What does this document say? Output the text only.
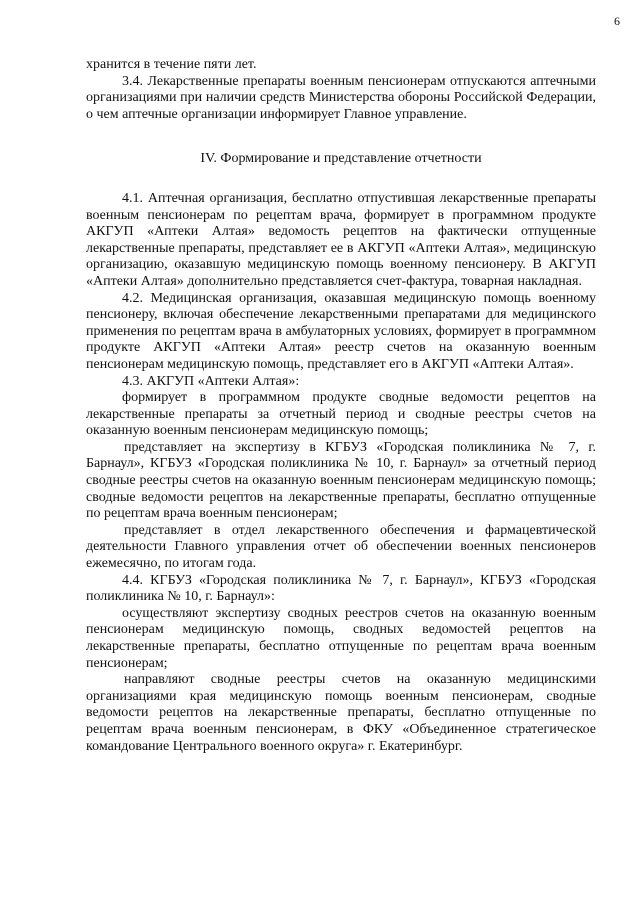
6

хранится в течение пяти лет.

3.4. Лекарственные препараты военным пенсионерам отпускаются аптечными организациями при наличии средств Министерства обороны Российской Федерации, о чем аптечные организации информирует Главное управление.

IV. Формирование и представление отчетности

4.1. Аптечная организация, бесплатно отпустившая лекарственные препараты военным пенсионерам по рецептам врача, формирует в программном продукте АКГУП «Аптеки Алтая» ведомость рецептов на фактически отпущенные лекарственные препараты, представляет ее в АКГУП «Аптеки Алтая», медицинскую организацию, оказавшую медицинскую помощь военному пенсионеру. В АКГУП «Аптеки Алтая» дополнительно представляется счет-фактура, товарная накладная.

4.2. Медицинская организация, оказавшая медицинскую помощь военному пенсионеру, включая обеспечение лекарственными препаратами для медицинского применения по рецептам врача в амбулаторных условиях, формирует в программном продукте АКГУП «Аптеки Алтая» реестр счетов на оказанную военным пенсионерам медицинскую помощь, представляет его в АКГУП «Аптеки Алтая».

4.3. АКГУП «Аптеки Алтая»:

формирует в программном продукте сводные ведомости рецептов на лекарственные препараты за отчетный период и сводные реестры счетов на оказанную военным пенсионерам медицинскую помощь;

представляет на экспертизу в КГБУЗ «Городская поликлиника № 7, г. Барнаул», КГБУЗ «Городская поликлиника № 10, г. Барнаул» за отчетный период сводные реестры счетов на оказанную военным пенсионерам медицинскую помощь; сводные ведомости рецептов на лекарственные препараты, бесплатно отпущенные по рецептам врача военным пенсионерам;

представляет в отдел лекарственного обеспечения и фармацевтической деятельности Главного управления отчет об обеспечении военных пенсионеров ежемесячно, по итогам года.

4.4. КГБУЗ «Городская поликлиника № 7, г. Барнаул», КГБУЗ «Городская поликлиника № 10, г. Барнаул»:

осуществляют экспертизу сводных реестров счетов на оказанную военным пенсионерам медицинскую помощь, сводных ведомостей рецептов на лекарственные препараты, бесплатно отпущенные по рецептам врача военным пенсионерам;

направляют сводные реестры счетов на оказанную медицинскими организациями края медицинскую помощь военным пенсионерам, сводные ведомости рецептов на лекарственные препараты, бесплатно отпущенные по рецептам врача военным пенсионерам, в ФКУ «Объединенное стратегическое командование Центрального военного округа» г. Екатеринбург.
